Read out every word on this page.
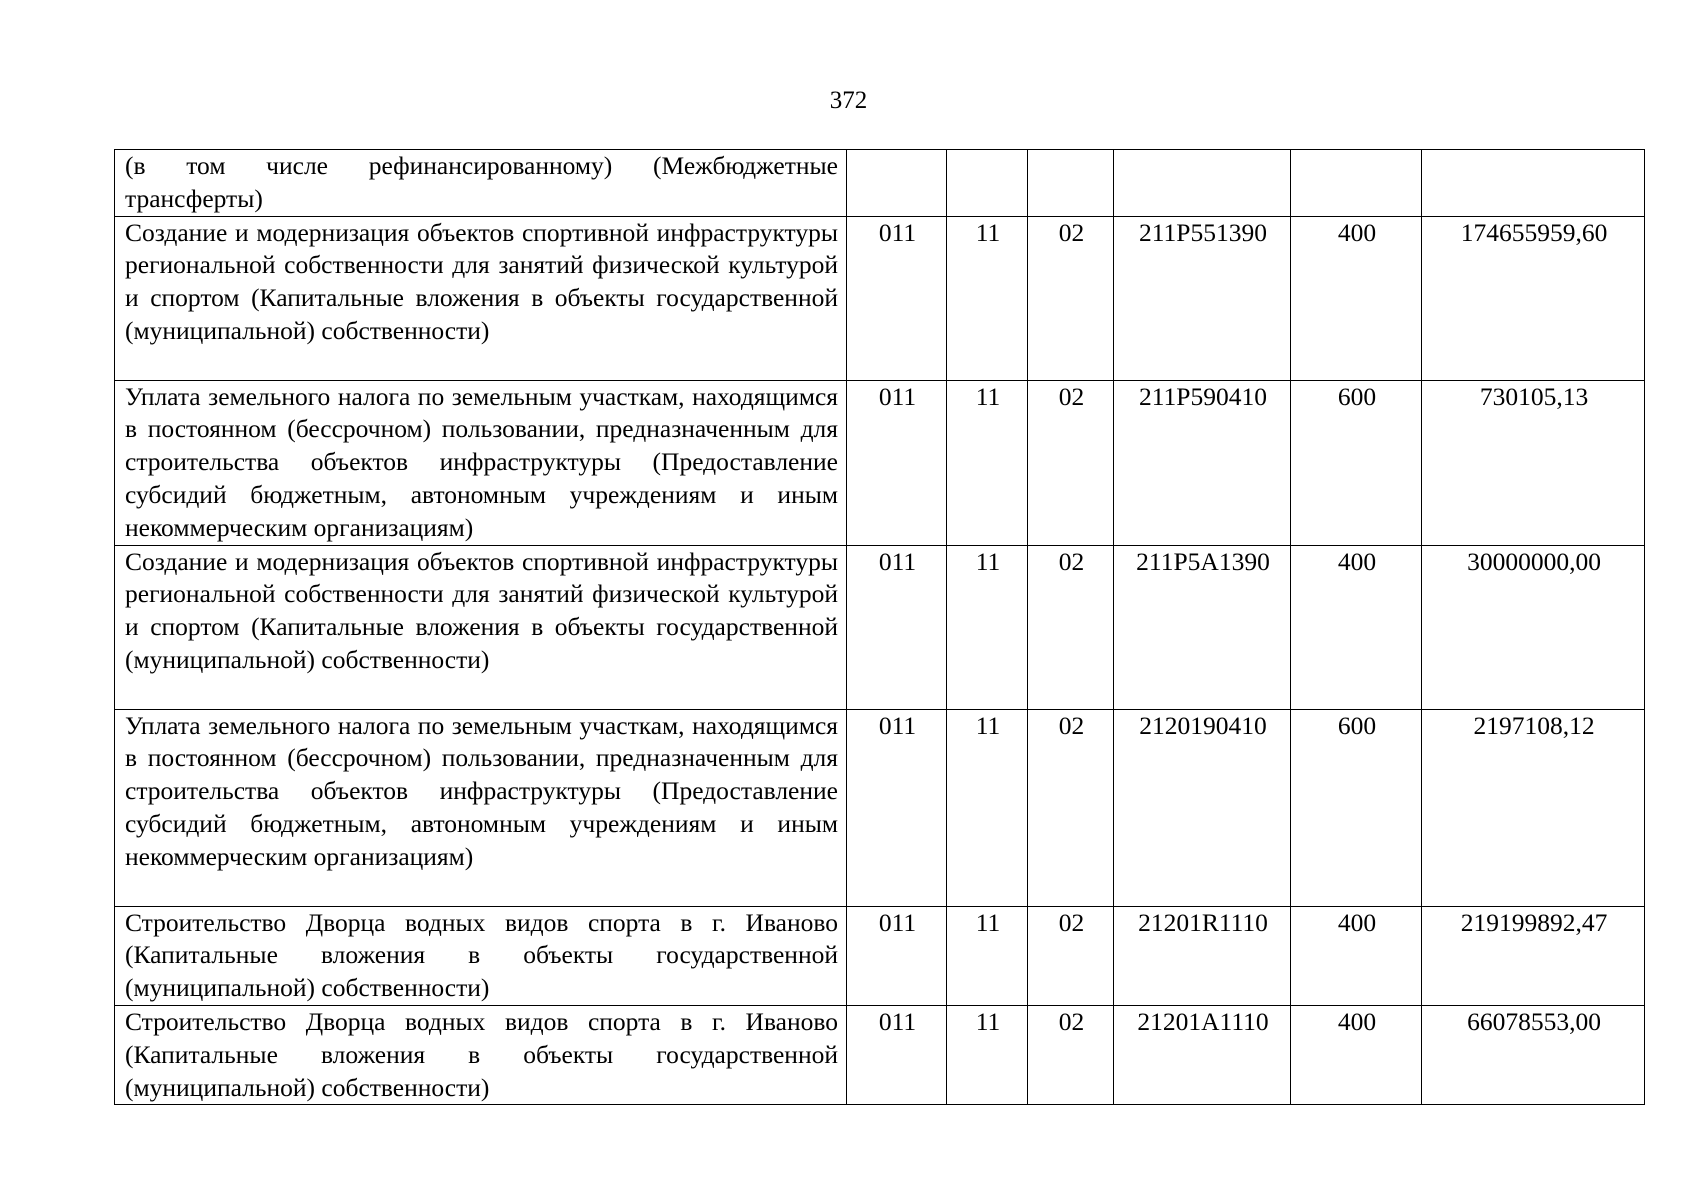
372
(в том числе рефинансированному) (Межбюджетные трансферты)						
Создание и модернизация объектов спортивной инфраструктуры региональной собственности для занятий физической культурой и спортом (Капитальные вложения в объекты государственной (муниципальной) собственности)	011	11	02	211P551390	400	174655959,60
Уплата земельного налога по земельным участкам, находящимся в постоянном (бессрочном) пользовании, предназначенным для строительства объектов инфраструктуры (Предоставление субсидий бюджетным, автономным учреждениям и иным некоммерческим организациям)	011	11	02	211P590410	600	730105,13
Создание и модернизация объектов спортивной инфраструктуры региональной собственности для занятий физической культурой и спортом (Капитальные вложения в объекты государственной (муниципальной) собственности)	011	11	02	211P5A1390	400	30000000,00
Уплата земельного налога по земельным участкам, находящимся в постоянном (бессрочном) пользовании, предназначенным для строительства объектов инфраструктуры (Предоставление субсидий бюджетным, автономным учреждениям и иным некоммерческим организациям)	011	11	02	2120190410	600	2197108,12
Строительство Дворца водных видов спорта в г. Иваново (Капитальные вложения в объекты государственной (муниципальной) собственности)	011	11	02	21201R1110	400	219199892,47
Строительство Дворца водных видов спорта в г. Иваново (Капитальные вложения в объекты государственной (муниципальной) собственности)	011	11	02	21201A1110	400	66078553,00
